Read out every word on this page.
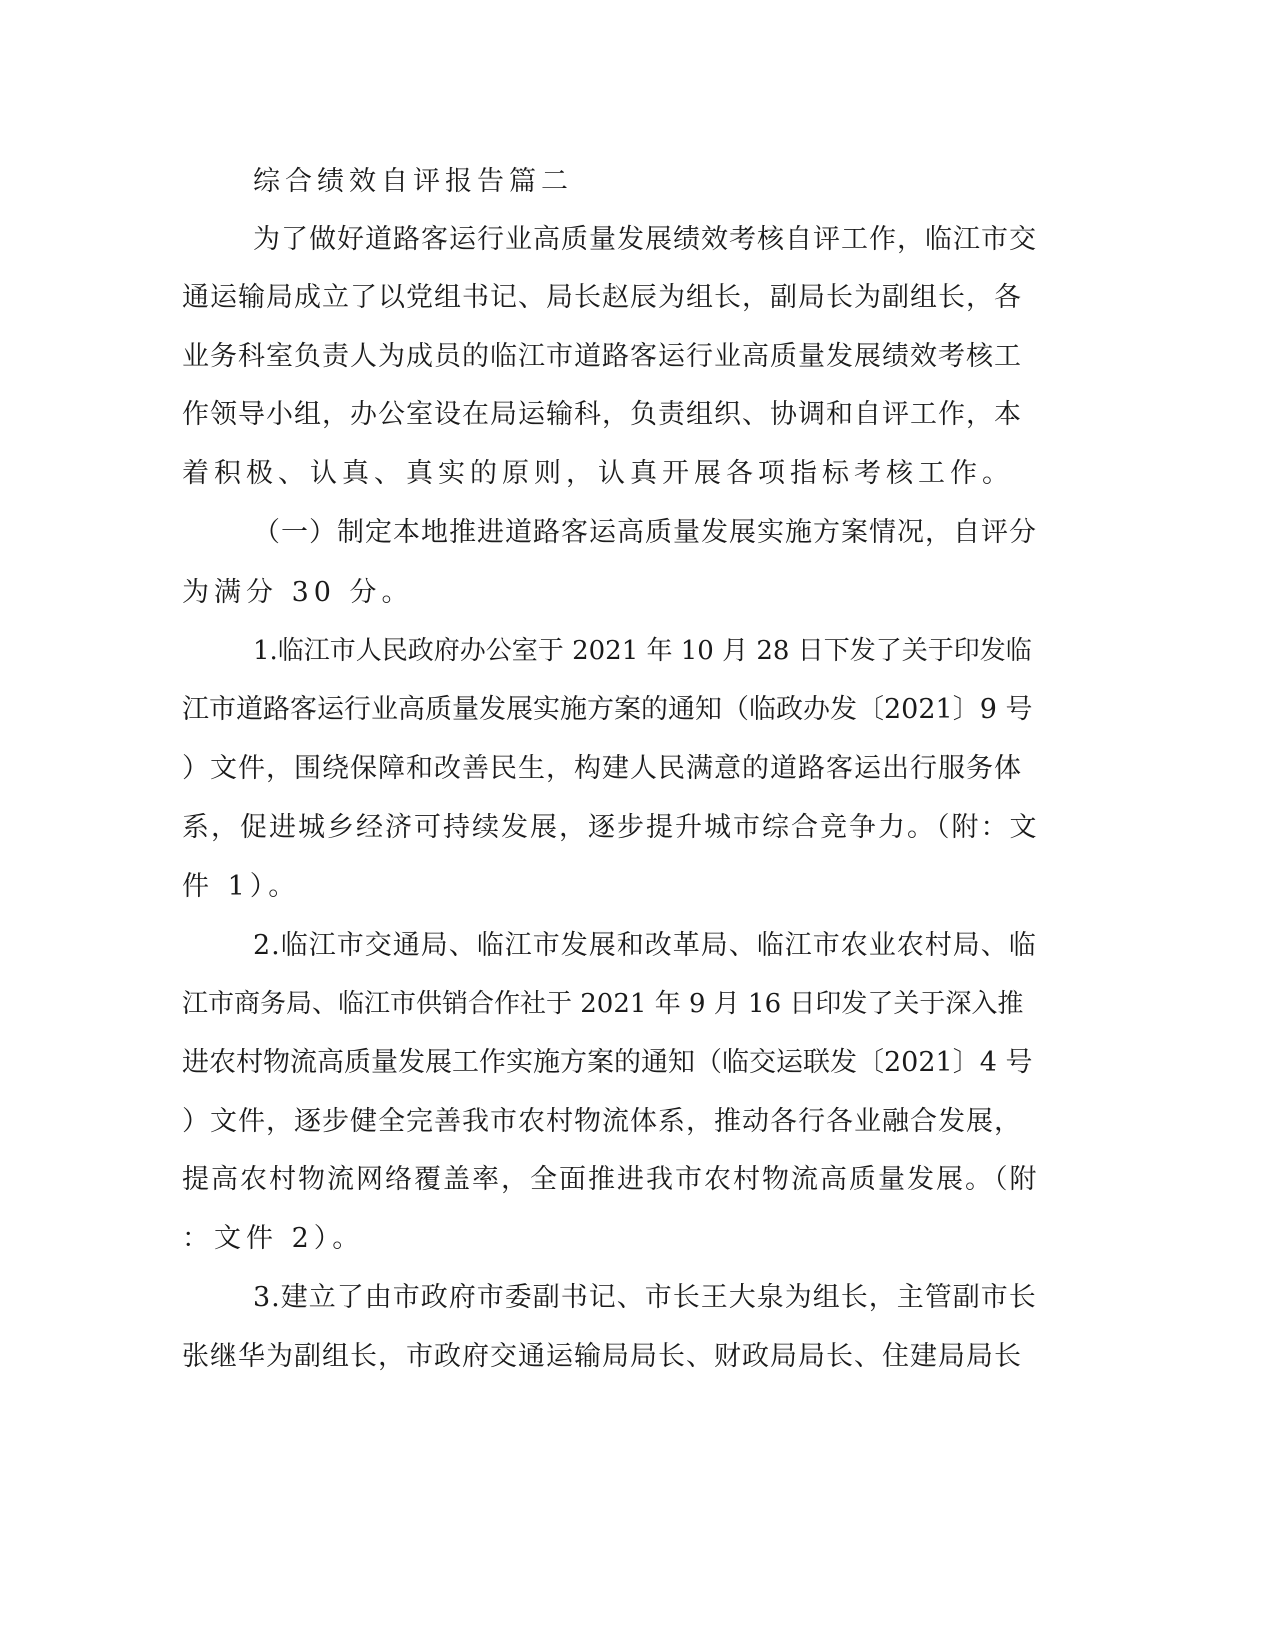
综合绩效自评报告篇二
为了做好道路客运行业高质量发展绩效考核自评工作，临江市交
通运输局成立了以党组书记、局长赵辰为组长，副局长为副组长，各
业务科室负责人为成员的临江市道路客运行业高质量发展绩效考核工
作领导小组，办公室设在局运输科，负责组织、协调和自评工作，本
着积极、认真、真实的原则，认真开展各项指标考核工作。
（一）制定本地推进道路客运高质量发展实施方案情况，自评分
为满分 30 分。
1.临江市人民政府办公室于 2021 年 10 月 28 日下发了关于印发临
江市道路客运行业高质量发展实施方案的通知（临政办发〔2021〕9 号
）文件，围绕保障和改善民生，构建人民满意的道路客运出行服务体
系，促进城乡经济可持续发展，逐步提升城市综合竞争力。（附：文
件 1）。
2.临江市交通局、临江市发展和改革局、临江市农业农村局、临
江市商务局、临江市供销合作社于 2021 年 9 月 16 日印发了关于深入推
进农村物流高质量发展工作实施方案的通知（临交运联发〔2021〕4 号
）文件，逐步健全完善我市农村物流体系，推动各行各业融合发展，
提高农村物流网络覆盖率，全面推进我市农村物流高质量发展。（附
：文件 2）。
3.建立了由市政府市委副书记、市长王大泉为组长，主管副市长
张继华为副组长，市政府交通运输局局长、财政局局长、住建局局长
